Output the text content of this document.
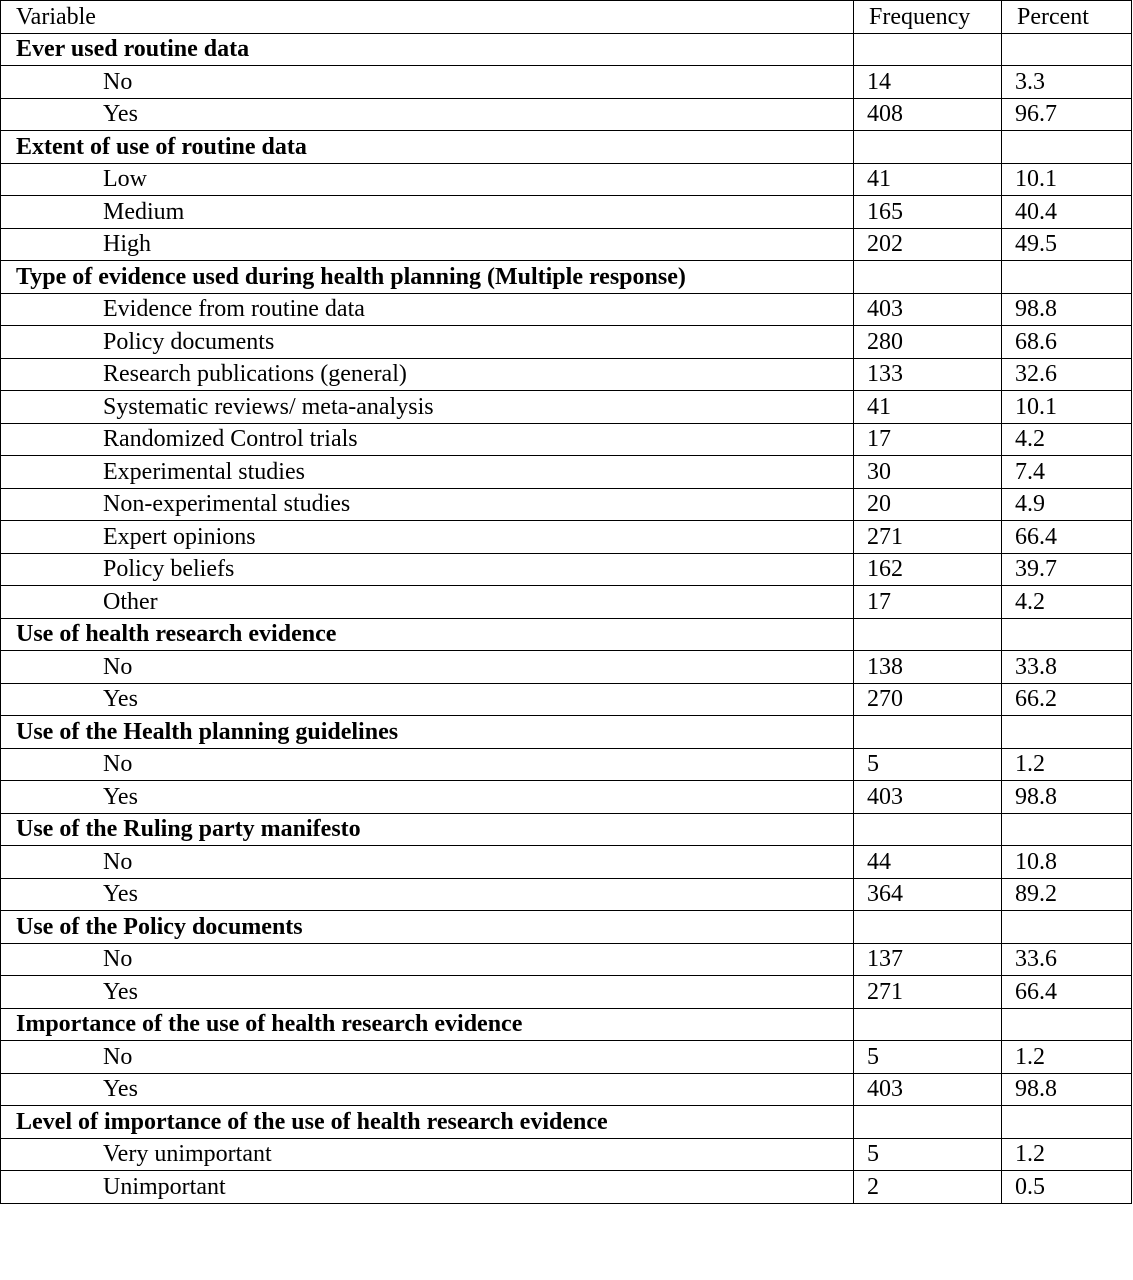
Variable	Frequency	Percent
Ever used routine data		
No	14	3.3
Yes	408	96.7
Extent of use of routine data		
Low	41	10.1
Medium	165	40.4
High	202	49.5
Type of evidence used during health planning (Multiple response)		
Evidence from routine data	403	98.8
Policy documents	280	68.6
Research publications (general)	133	32.6
Systematic reviews/ meta-analysis	41	10.1
Randomized Control trials	17	4.2
Experimental studies	30	7.4
Non-experimental studies	20	4.9
Expert opinions	271	66.4
Policy beliefs	162	39.7
Other	17	4.2
Use of health research evidence		
No	138	33.8
Yes	270	66.2
Use of the Health planning guidelines		
No	5	1.2
Yes	403	98.8
Use of the Ruling party manifesto		
No	44	10.8
Yes	364	89.2
Use of the Policy documents		
No	137	33.6
Yes	271	66.4
Importance of the use of health research evidence		
No	5	1.2
Yes	403	98.8
Level of importance of the use of health research evidence		
Very unimportant	5	1.2
Unimportant	2	0.5
